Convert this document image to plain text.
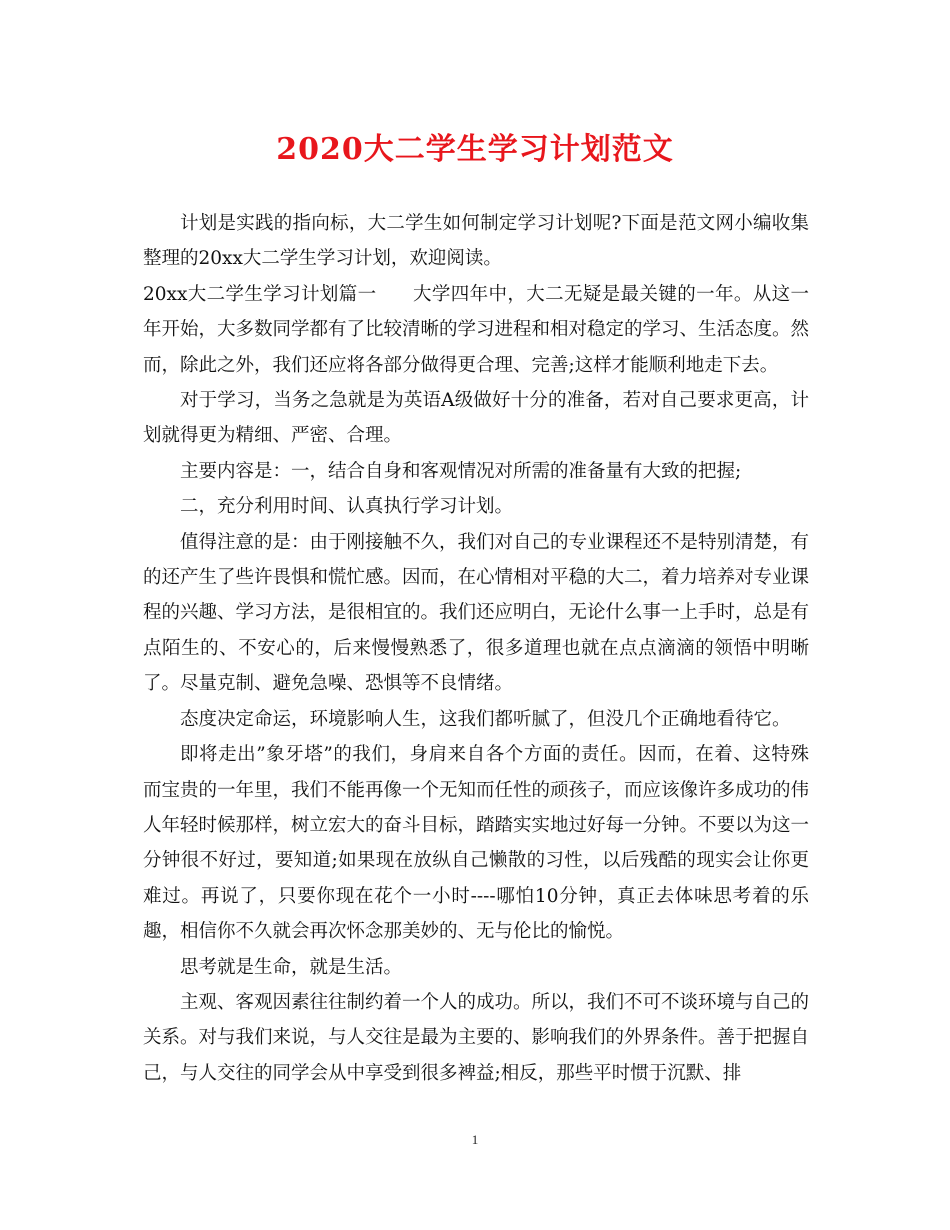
2020大二学生学习计划范文

计划是实践的指向标，大二学生如何制定学习计划呢?下面是范文网小编收集整理的20xx大二学生学习计划，欢迎阅读。

20xx大二学生学习计划篇一 大学四年中，大二无疑是最关键的一年。从这一年开始，大多数同学都有了比较清晰的学习进程和相对稳定的学习、生活态度。然而，除此之外，我们还应将各部分做得更合理、完善;这样才能顺利地走下去。

对于学习，当务之急就是为英语A级做好十分的准备，若对自己要求更高，计划就得更为精细、严密、合理。

主要内容是：一，结合自身和客观情况对所需的准备量有大致的把握;

二，充分利用时间、认真执行学习计划。

值得注意的是：由于刚接触不久，我们对自己的专业课程还不是特别清楚，有的还产生了些许畏惧和慌忙感。因而，在心情相对平稳的大二，着力培养对专业课程的兴趣、学习方法，是很相宜的。我们还应明白，无论什么事一上手时，总是有点陌生的、不安心的，后来慢慢熟悉了，很多道理也就在点点滴滴的领悟中明晰了。尽量克制、避免急噪、恐惧等不良情绪。

态度决定命运，环境影响人生，这我们都听腻了，但没几个正确地看待它。

即将走出”象牙塔”的我们，身肩来自各个方面的责任。因而，在着、这特殊而宝贵的一年里，我们不能再像一个无知而任性的顽孩子，而应该像许多成功的伟人年轻时候那样，树立宏大的奋斗目标，踏踏实实地过好每一分钟。不要以为这一分钟很不好过，要知道;如果现在放纵自己懒散的习性，以后残酷的现实会让你更难过。再说了，只要你现在花个一小时----哪怕10分钟，真正去体味思考着的乐趣，相信你不久就会再次怀念那美妙的、无与伦比的愉悦。

思考就是生命，就是生活。

主观、客观因素往往制约着一个人的成功。所以，我们不可不谈环境与自己的关系。对与我们来说，与人交往是最为主要的、影响我们的外界条件。善于把握自己，与人交往的同学会从中享受到很多裨益;相反，那些平时惯于沉默、排

1
